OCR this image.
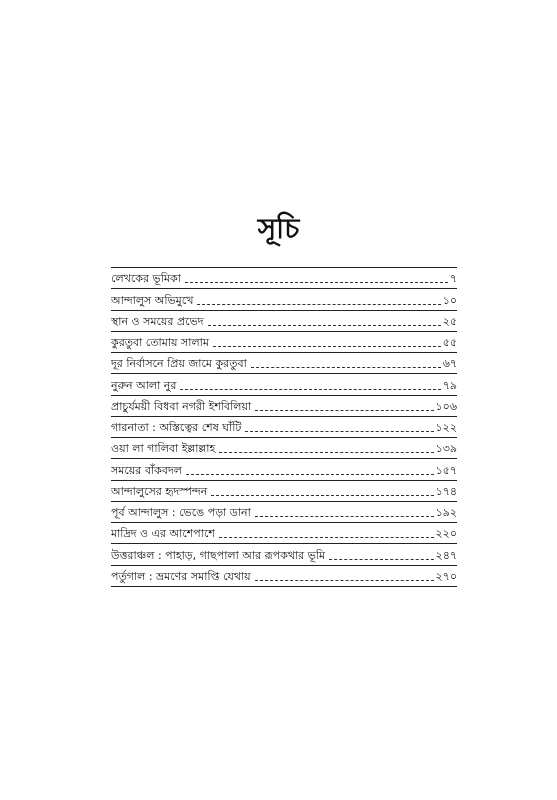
সূচি
লেখকের ভূমিকা	৭
আন্দালুস অভিমুখে	১০
স্থান ও সময়ের প্রভেদ	২৫
কুরতুবা তোমায় সালাম	৫৫
দূর নির্বাসনে প্রিয় জামে কুরতুবা	৬৭
নুরুন আলা নুর	৭৯
প্রাচুর্যময়ী বিধবা নগরী ইশবিলিয়া	১০৬
গারনাতা : অস্তিত্বের শেষ ঘাঁটি	১২২
ওয়া লা গালিবা ইল্লাল্লাহ	১৩৯
সময়ের বাঁকবদল	১৫৭
আন্দালুসের হৃদস্পন্দন	১৭৪
পূর্ব আন্দালুস : ভেঙে পড়া ডানা	১৯২
মাদ্রিদ ও এর আশেপাশে	২২০
উত্তরাঞ্চল : পাহাড়, গাছপালা আর রূপকথার ভূমি	২৪৭
পর্তুগাল : ভ্রমণের সমাপ্তি যেথায়	২৭০
